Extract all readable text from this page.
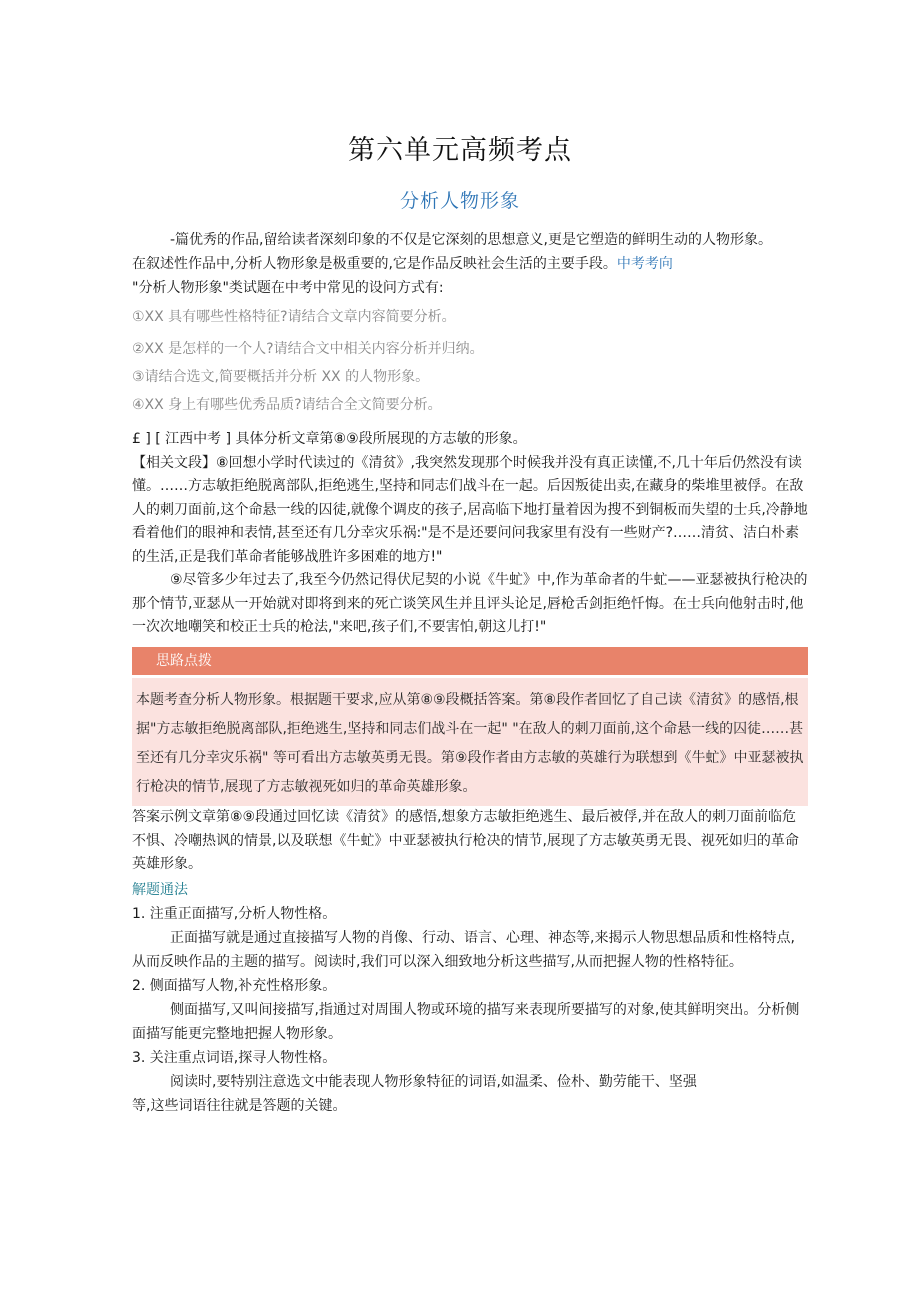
第六单元高频考点
分析人物形象

-篇优秀的作品,留给读者深刻印象的不仅是它深刻的思想意义,更是它塑造的鲜明生动的人物形象。

在叙述性作品中,分析人物形象是极重要的,它是作品反映社会生活的主要手段。中考考向

"分析人物形象"类试题在中考中常见的设问方式有:

①XX 具有哪些性格特征?请结合文章内容简要分析。

②XX 是怎样的一个人?请结合文中相关内容分析并归纳。

③请结合选文,简要概括并分析 XX 的人物形象。

④XX 身上有哪些优秀品质?请结合全文简要分析。

£ ] [ 江西中考 ] 具体分析文章第⑧⑨段所展现的方志敏的形象。

【相关文段】⑧回想小学时代读过的《清贫》,我突然发现那个时候我并没有真正读懂,不,几十年后仍然没有读懂。……方志敏拒绝脱离部队,拒绝逃生,坚持和同志们战斗在一起。后因叛徒出卖,在藏身的柴堆里被俘。在敌人的刺刀面前,这个命悬一线的囚徒,就像个调皮的孩子,居高临下地打量着因为搜不到铜板而失望的士兵,冷静地看着他们的眼神和表情,甚至还有几分幸灾乐祸:"是不是还要问问我家里有没有一些财产?……清贫、洁白朴素的生活,正是我们革命者能够战胜许多困难的地方!"

⑨尽管多少年过去了,我至今仍然记得伏尼契的小说《牛虻》中,作为革命者的牛虻——亚瑟被执行枪决的那个情节,亚瑟从一开始就对即将到来的死亡谈笑风生并且评头论足,唇枪舌剑拒绝忏悔。在士兵向他射击时,他一次次地嘲笑和校正士兵的枪法,"来吧,孩子们,不要害怕,朝这儿打!"

思路点拨
本题考查分析人物形象。根据题干要求,应从第⑧⑨段概括答案。第⑧段作者回忆了自己读《清贫》的感悟,根据"方志敏拒绝脱离部队,拒绝逃生,坚持和同志们战斗在一起" "在敌人的刺刀面前,这个命悬一线的囚徒……甚至还有几分幸灾乐祸" 等可看出方志敏英勇无畏。第⑨段作者由方志敏的英雄行为联想到《牛虻》中亚瑟被执行枪决的情节,展现了方志敏视死如归的革命英雄形象。

答案示例文章第⑧⑨段通过回忆读《清贫》的感悟,想象方志敏拒绝逃生、最后被俘,并在敌人的刺刀面前临危不惧、冷嘲热讽的情景,以及联想《牛虻》中亚瑟被执行枪决的情节,展现了方志敏英勇无畏、视死如归的革命英雄形象。

解题通法

1. 注重正面描写,分析人物性格。

正面描写就是通过直接描写人物的肖像、行动、语言、心理、神态等,来揭示人物思想品质和性格特点,从而反映作品的主题的描写。阅读时,我们可以深入细致地分析这些描写,从而把握人物的性格特征。

2. 侧面描写人物,补充性格形象。

侧面描写,又叫间接描写,指通过对周围人物或环境的描写来表现所要描写的对象,使其鲜明突出。分析侧面描写能更完整地把握人物形象。

3. 关注重点词语,探寻人物性格。

阅读时,要特别注意选文中能表现人物形象特征的词语,如温柔、俭朴、勤劳能干、坚强

等,这些词语往往就是答题的关键。
